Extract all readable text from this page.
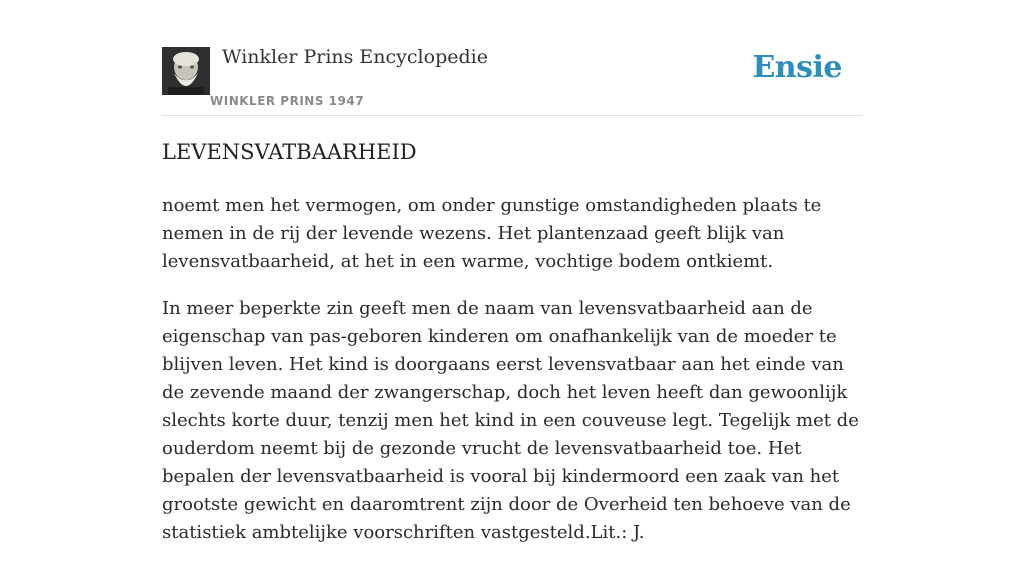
Winkler Prins Encyclopedie
WINKLER PRINS 1947
Ensie
LEVENSVATBAARHEID

noemt men het vermogen, om onder gunstige omstandigheden plaats te nemen in de rij der levende wezens. Het plantenzaad geeft blijk van levensvatbaarheid, at het in een warme, vochtige bodem ontkiemt.

In meer beperkte zin geeft men de naam van levensvatbaarheid aan de eigenschap van pas-geboren kinderen om onafhankelijk van de moeder te blijven leven. Het kind is doorgaans eerst levensvatbaar aan het einde van de zevende maand der zwangerschap, doch het leven heeft dan gewoonlijk slechts korte duur, tenzij men het kind in een couveuse legt. Tegelijk met de ouderdom neemt bij de gezonde vrucht de levensvatbaarheid toe. Het bepalen der levensvatbaarheid is vooral bij kindermoord een zaak van het grootste gewicht en daaromtrent zijn door de Overheid ten behoeve van de statistiek ambtelijke voorschriften vastgesteld.Lit.: J.
